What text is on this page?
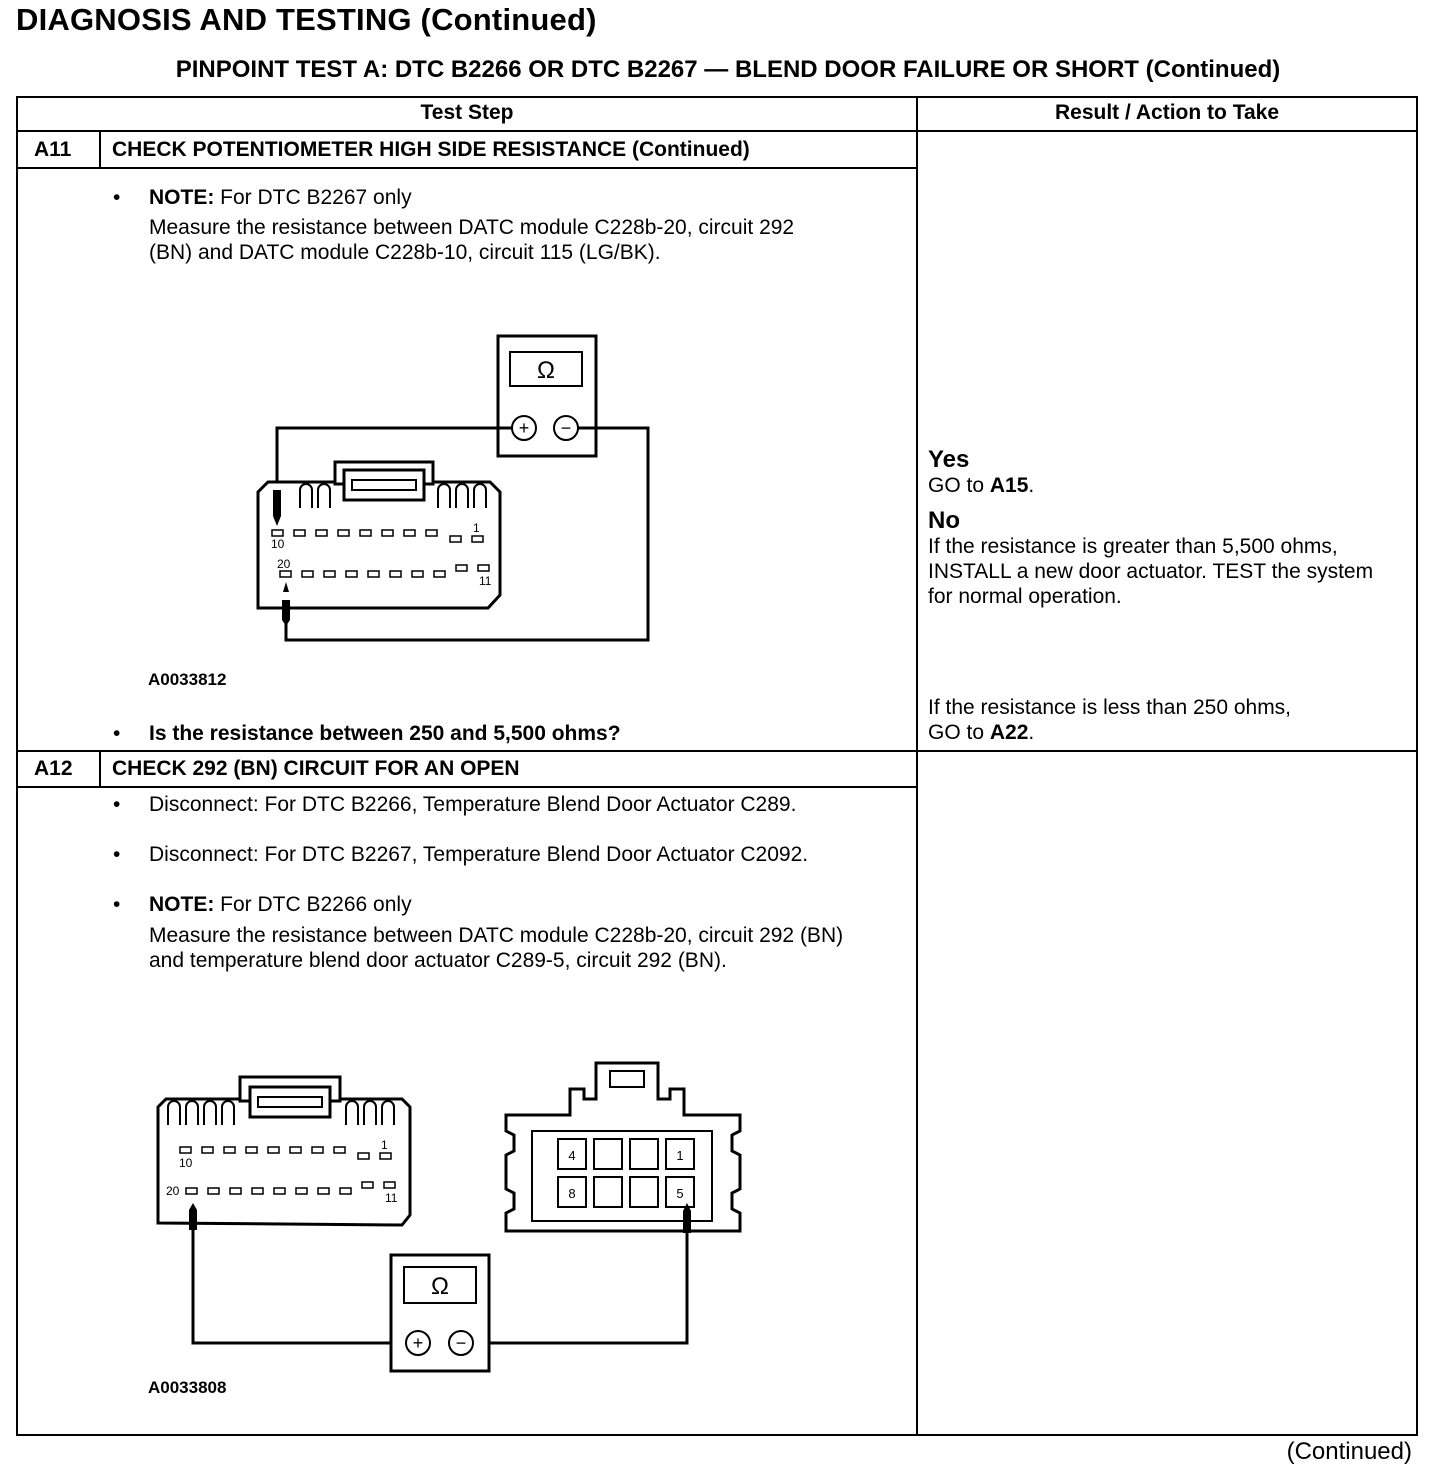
DIAGNOSIS AND TESTING (Continued)
PINPOINT TEST A: DTC B2266 OR DTC B2267 — BLEND DOOR FAILURE OR SHORT (Continued)
Test Step	Result / Action to Take
A11 CHECK POTENTIOMETER HIGH SIDE RESISTANCE (Continued)
• NOTE: For DTC B2267 only
Measure the resistance between DATC module C228b-20, circuit 292 (BN) and DATC module C228b-10, circuit 115 (LG/BK).
Ω
+ −
10
1
20
11
A0033812
• Is the resistance between 250 and 5,500 ohms?
Yes
GO to A15.
No
If the resistance is greater than 5,500 ohms, INSTALL a new door actuator. TEST the system for normal operation.
If the resistance is less than 250 ohms,
GO to A22.
A12 CHECK 292 (BN) CIRCUIT FOR AN OPEN
• Disconnect: For DTC B2266, Temperature Blend Door Actuator C289.
• Disconnect: For DTC B2267, Temperature Blend Door Actuator C2092.
• NOTE: For DTC B2266 only
Measure the resistance between DATC module C228b-20, circuit 292 (BN) and temperature blend door actuator C289-5, circuit 292 (BN).
10
1
20	11
4	1
8	5
Ω
+ −
A0033808
(Continued)
